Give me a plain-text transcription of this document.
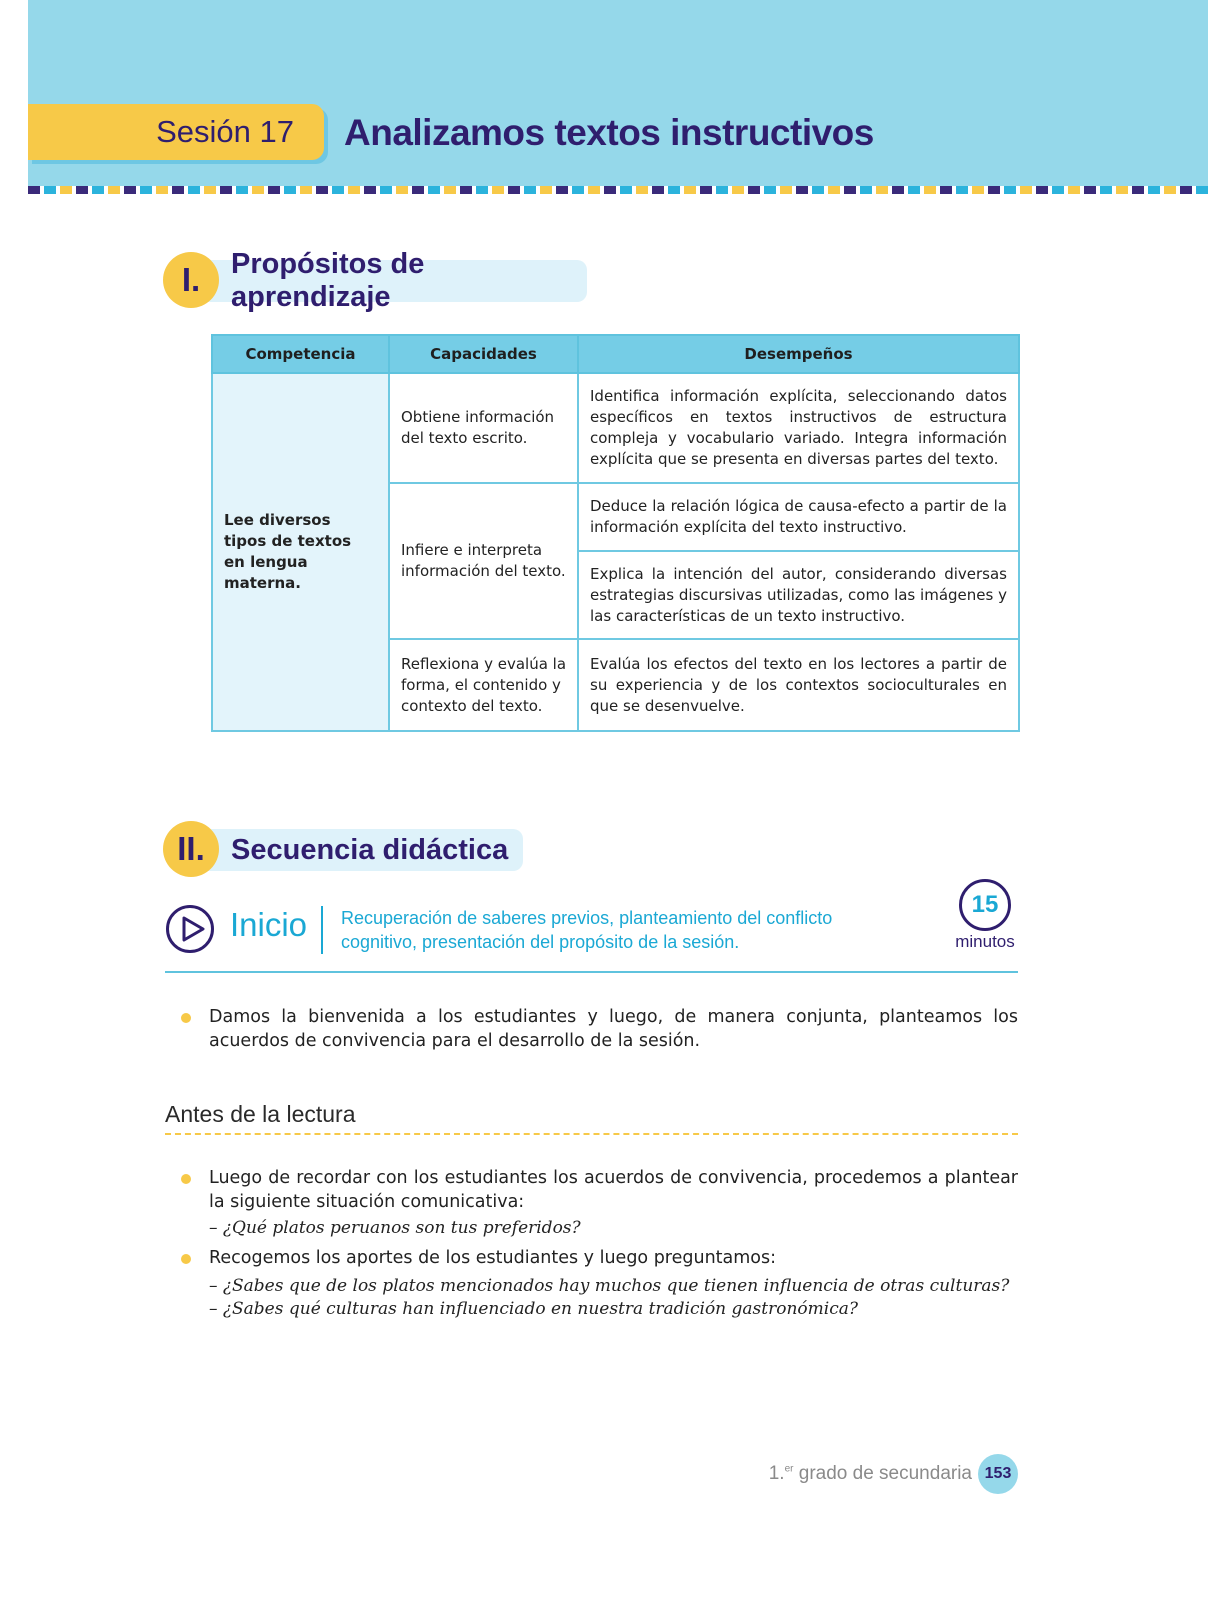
Sesión 17 Analizamos textos instructivos
I.	Propósitos de aprendizaje
Competencia	Capacidades	Desempeños
Lee diversos tipos de textos en lengua materna.	Obtiene información del texto escrito.	Identifica información explícita, seleccionando datos específicos en textos instructivos de estructura compleja y vocabulario variado. Integra información explícita que se presenta en diversas partes del texto.
	Infiere e interpreta información del texto.	Deduce la relación lógica de causa-efecto a partir de la información explícita del texto instructivo.
		Explica la intención del autor, considerando diversas estrategias discursivas utilizadas, como las imágenes y las características de un texto instructivo.
	Reflexiona y evalúa la forma, el contenido y contexto del texto.	Evalúa los efectos del texto en los lectores a partir de su experiencia y de los contextos socioculturales en que se desenvuelve.
II. Secuencia didáctica
Inicio Recuperación de saberes previos, planteamiento del conflicto cognitivo, presentación del propósito de la sesión.
15
minutos
Damos la bienvenida a los estudiantes y luego, de manera conjunta, planteamos los acuerdos de convivencia para el desarrollo de la sesión.
Antes de la lectura
Luego de recordar con los estudiantes los acuerdos de convivencia, procedemos a plantear la siguiente situación comunicativa:
– ¿Qué platos peruanos son tus preferidos?
Recogemos los aportes de los estudiantes y luego preguntamos:
– ¿Sabes que de los platos mencionados hay muchos que tienen influencia de otras culturas?
– ¿Sabes qué culturas han influenciado en nuestra tradición gastronómica?
1.$^{er}$ grado de secundaria 153
